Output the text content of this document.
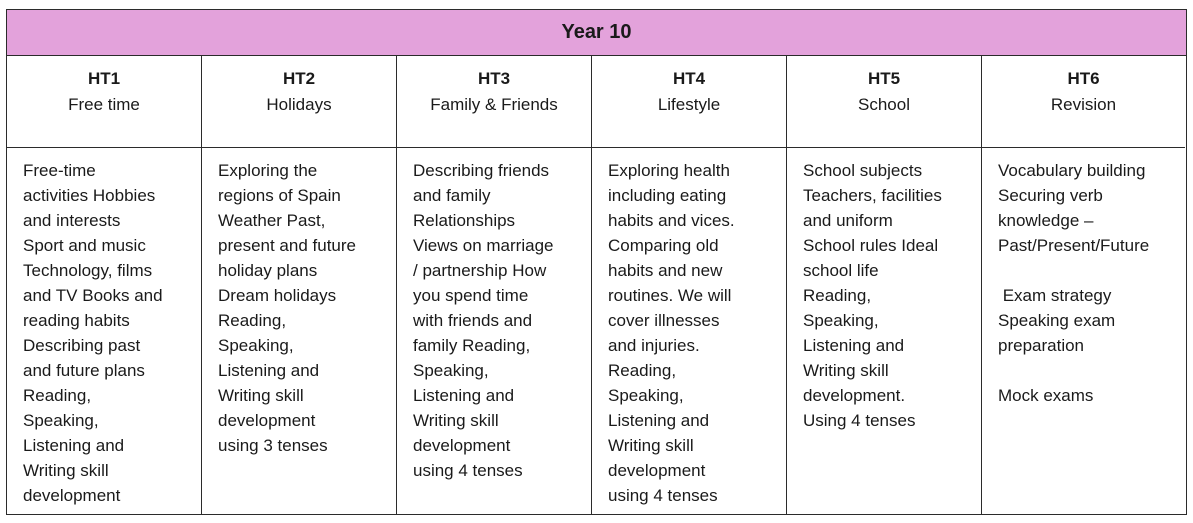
Year 10
HT1
Free time
Free-time
activities Hobbies
and interests
Sport and music
Technology, films
and TV Books and
reading habits
Describing past
and future plans
Reading,
Speaking,
Listening and
Writing skill
development
HT2
Holidays
Exploring the
regions of Spain
Weather Past,
present and future
holiday plans
Dream holidays
Reading,
Speaking,
Listening and
Writing skill
development
using 3 tenses
HT3
Family & Friends
Describing friends
and family
Relationships
Views on marriage
/ partnership How
you spend time
with friends and
family Reading,
Speaking,
Listening and
Writing skill
development
using 4 tenses
HT4
Lifestyle
Exploring health
including eating
habits and vices.
Comparing old
habits and new
routines. We will
cover illnesses
and injuries.
Reading,
Speaking,
Listening and
Writing skill
development
using 4 tenses
HT5
School
School subjects
Teachers, facilities
and uniform
School rules Ideal
school life
Reading,
Speaking,
Listening and
Writing skill
development.
Using 4 tenses
HT6
Revision
Vocabulary building
Securing verb
knowledge –
Past/Present/Future

Exam strategy
Speaking exam
preparation

Mock exams
